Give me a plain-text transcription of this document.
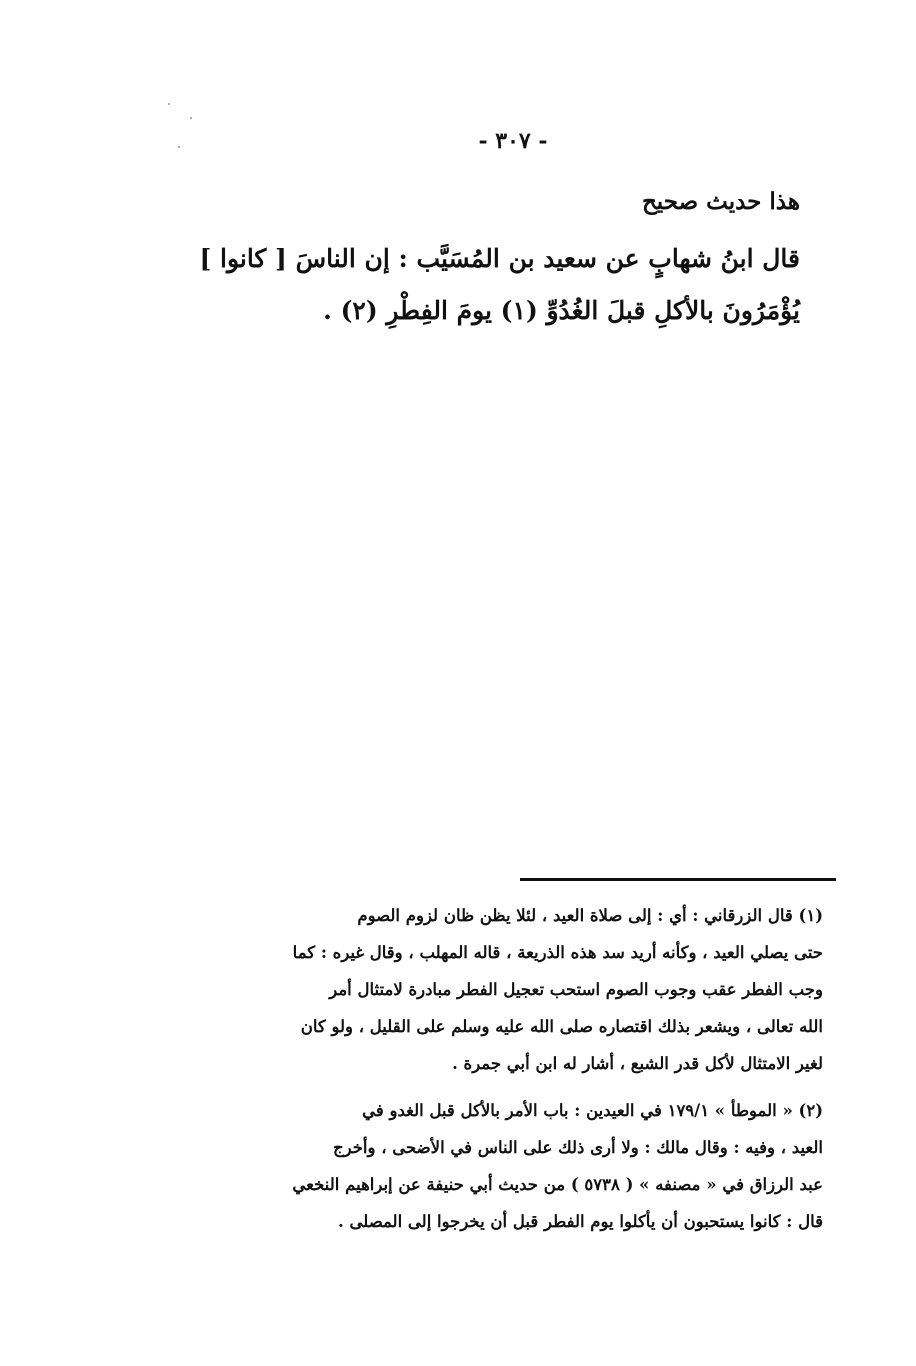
- ٣٠٧ -
هذا حديث صحيح
قال ابنُ شهابٍ عن سعيد بن المُسَيَّب : إن الناسَ [ كانوا ]
يُؤْمَرُونَ بالأكلِ قبلَ الغُدُوِّ (١) يومَ الفِطْرِ (٢) .
(١) قال الزرقاني : أي : إلى صلاة العيد ، لئلا يظن ظان لزوم الصوم
حتى يصلي العيد ، وكأنه أريد سد هذه الذريعة ، قاله المهلب ، وقال غيره : كما
وجب الفطر عقب وجوب الصوم استحب تعجيل الفطر مبادرة لامتثال أمر
الله تعالى ، ويشعر بذلك اقتصاره صلى الله عليه وسلم على القليل ، ولو كان
لغير الامتثال لأكل قدر الشبع ، أشار له ابن أبي جمرة .
(٢) « الموطأ » ١٧٩/١ في العيدين : باب الأمر بالأكل قبل الغدو في
العيد ، وفيه : وقال مالك : ولا أرى ذلك على الناس في الأضحى ، وأخرج
عبد الرزاق في « مصنفه » ( ٥٧٣٨ ) من حديث أبي حنيفة عن إبراهيم النخعي
قال : كانوا يستحبون أن يأكلوا يوم الفطر قبل أن يخرجوا إلى المصلى .
